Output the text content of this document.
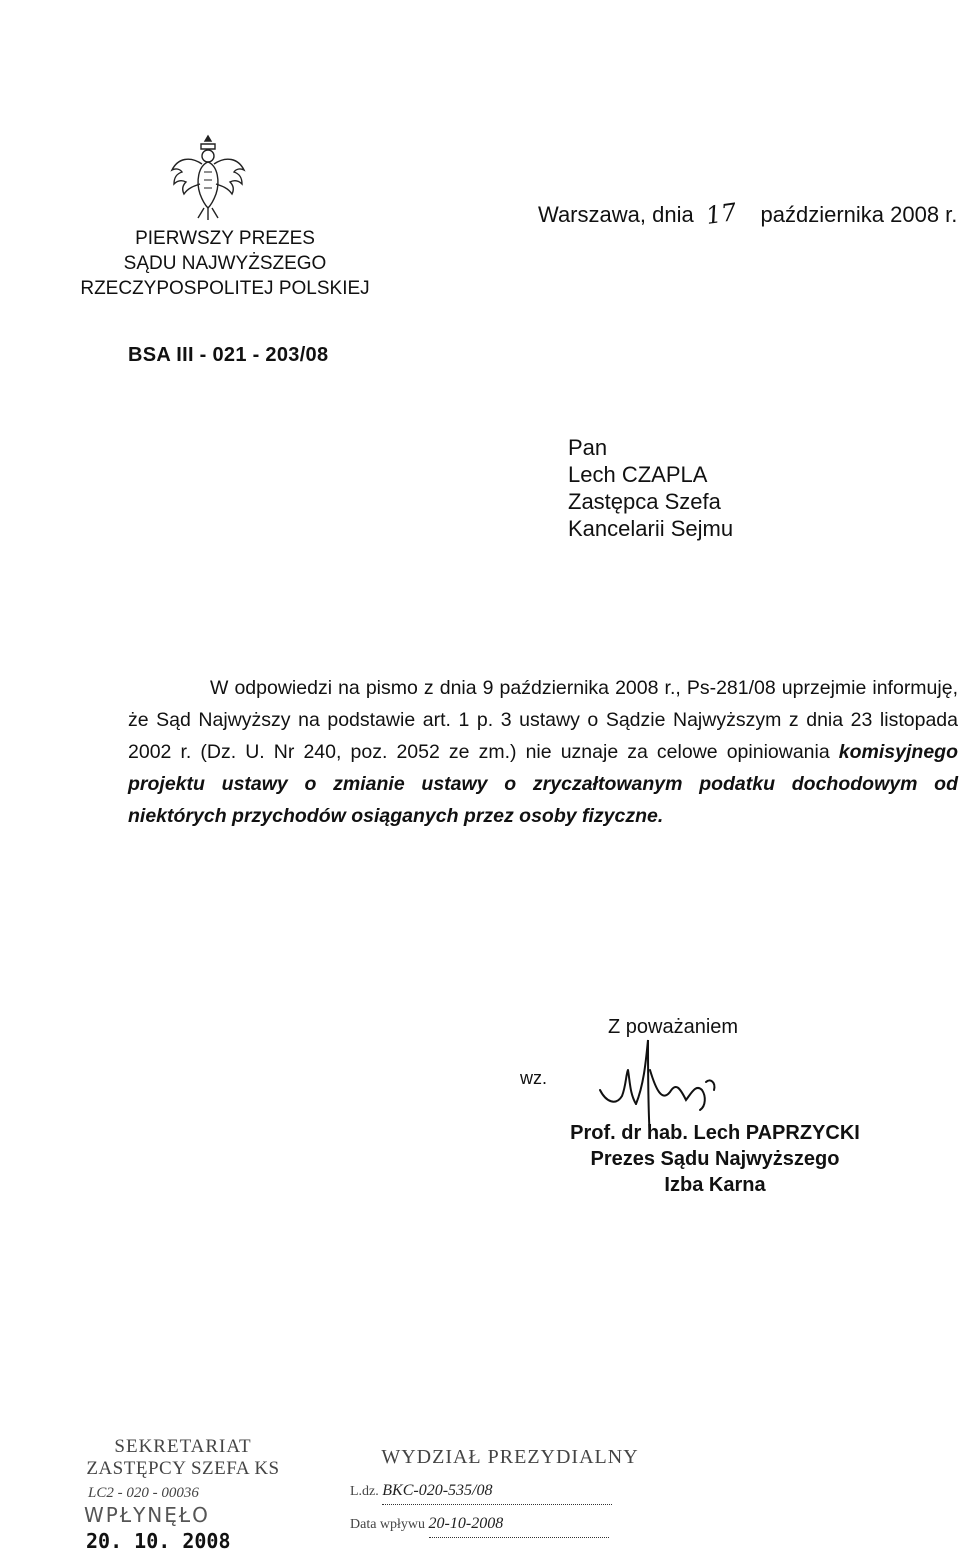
PIERWSZY PREZES
SĄDU NAJWYŻSZEGO
RZECZYPOSPOLITEJ POLSKIEJ
Warszawa, dnia 17 października 2008 r.
BSA III - 021 - 203/08
Pan
Lech CZAPLA
Zastępca Szefa
Kancelarii Sejmu
W odpowiedzi na pismo z dnia 9 października 2008 r., Ps-281/08 uprzejmie informuję, że Sąd Najwyższy na podstawie art. 1 p. 3 ustawy o Sądzie Najwyższym z dnia 23 listopada 2002 r. (Dz. U. Nr 240, poz. 2052 ze zm.) nie uznaje za celowe opiniowania komisyjnego projektu ustawy o zmianie ustawy o zryczałtowanym podatku dochodowym od niektórych przychodów osiąganych przez osoby fizyczne.
Z poważaniem
wz.
Prof. dr hab. Lech PAPRZYCKI
Prezes Sądu Najwyższego
Izba Karna
SEKRETARIAT
ZASTĘPCY SZEFA KS
LC2 - 020 - 00036
WPŁYNĘŁO
20. 10. 2008
WYDZIAŁ PREZYDIALNY
L.dz. BKC-020-535/08
Data wpływu 20-10-2008
